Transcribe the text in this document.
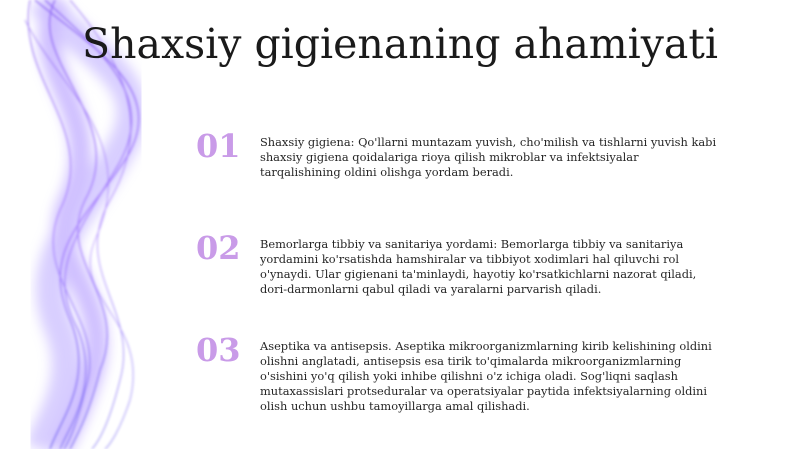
Shaxsiy gigienaning ahamiyati
01	Shaxsiy gigiena: Qo'llarni muntazam yuvish, cho'milish va tishlarni yuvish kabi shaxsiy gigiena qoidalariga rioya qilish mikroblar va infektsiyalar tarqalishining oldini olishga yordam beradi.
02	Bemorlarga tibbiy va sanitariya yordami: Bemorlarga tibbiy va sanitariya yordamini ko'rsatishda hamshiralar va tibbiyot xodimlari hal qiluvchi rol o'ynaydi. Ular gigienani ta'minlaydi, hayotiy ko'rsatkichlarni nazorat qiladi, dori-darmonlarni qabul qiladi va yaralarni parvarish qiladi.
03	Aseptika va antisepsis. Aseptika mikroorganizmlarning kirib kelishining oldini olishni anglatadi, antisepsis esa tirik to'qimalarda mikroorganizmlarning o'sishini yo'q qilish yoki inhibe qilishni o'z ichiga oladi. Sog'liqni saqlash mutaxassislari protseduralar va operatsiyalar paytida infektsiyalarning oldini olish uchun ushbu tamoyillarga amal qilishadi.
